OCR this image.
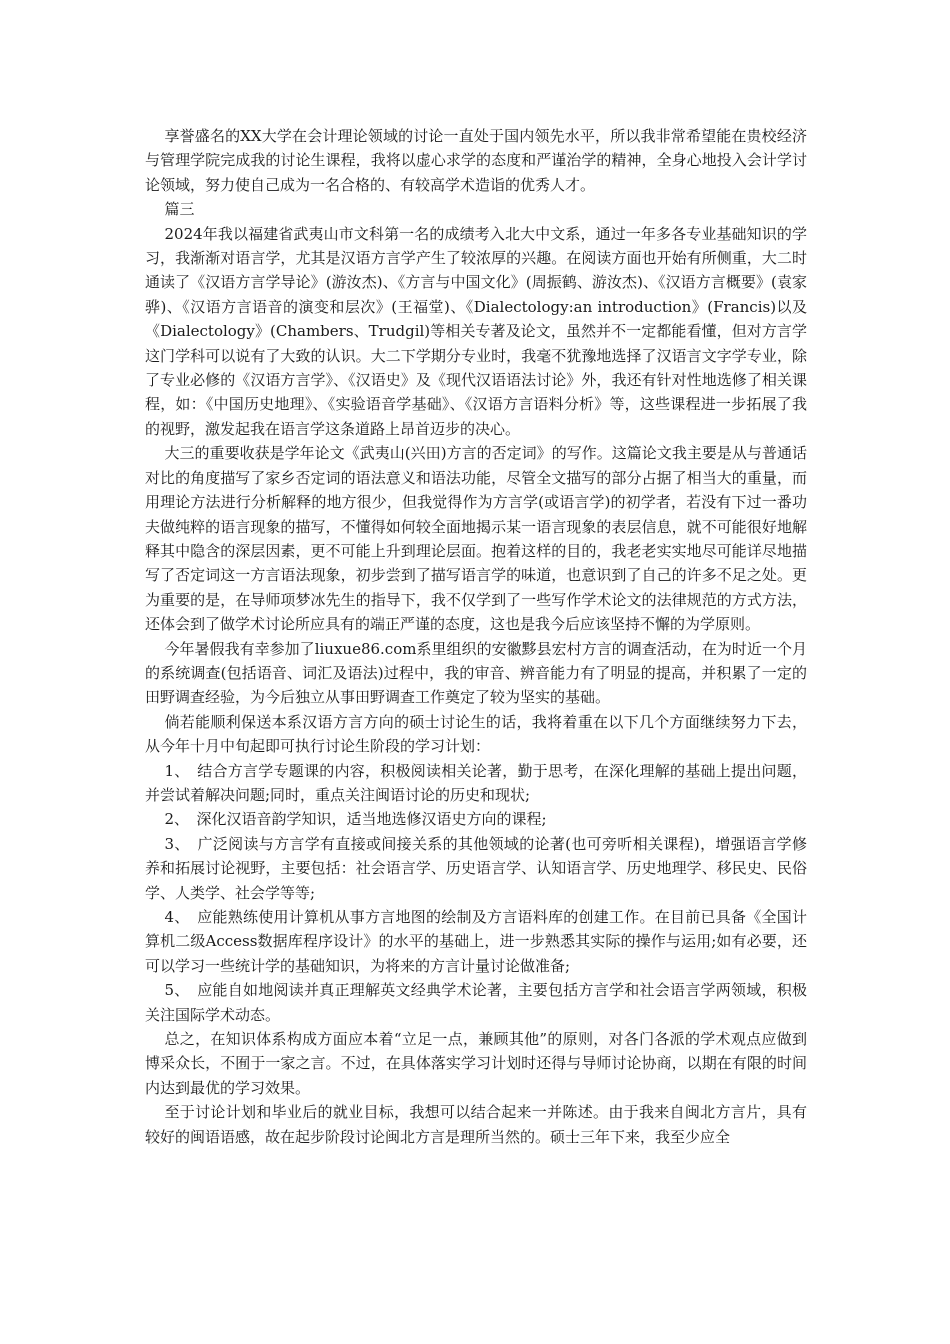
享誉盛名的XX大学在会计理论领域的讨论一直处于国内领先水平，所以我非常希望能在贵校经济与管理学院完成我的讨论生课程，我将以虚心求学的态度和严谨治学的精神，全身心地投入会计学讨论领域，努力使自己成为一名合格的、有较高学术造诣的优秀人才。

篇三

2024年我以福建省武夷山市文科第一名的成绩考入北大中文系，通过一年多各专业基础知识的学习，我渐渐对语言学，尤其是汉语方言学产生了较浓厚的兴趣。在阅读方面也开始有所侧重，大二时通读了《汉语方言学导论》(游汝杰)、《方言与中国文化》(周振鹤、游汝杰)、《汉语方言概要》(袁家骅)、《汉语方言语音的演变和层次》(王福堂)、《Dialectology:an introduction》(Francis)以及《Dialectology》(Chambers、Trudgil)等相关专著及论文，虽然并不一定都能看懂，但对方言学这门学科可以说有了大致的认识。大二下学期分专业时，我毫不犹豫地选择了汉语言文字学专业，除了专业必修的《汉语方言学》、《汉语史》及《现代汉语语法讨论》外，我还有针对性地选修了相关课程，如：《中国历史地理》、《实验语音学基础》、《汉语方言语料分析》等，这些课程进一步拓展了我的视野，激发起我在语言学这条道路上昂首迈步的决心。

大三的重要收获是学年论文《武夷山(兴田)方言的否定词》的写作。这篇论文我主要是从与普通话对比的角度描写了家乡否定词的语法意义和语法功能，尽管全文描写的部分占据了相当大的重量，而用理论方法进行分析解释的地方很少，但我觉得作为方言学(或语言学)的初学者，若没有下过一番功夫做纯粹的语言现象的描写，不懂得如何较全面地揭示某一语言现象的表层信息，就不可能很好地解释其中隐含的深层因素，更不可能上升到理论层面。抱着这样的目的，我老老实实地尽可能详尽地描写了否定词这一方言语法现象，初步尝到了描写语言学的味道，也意识到了自己的许多不足之处。更为重要的是，在导师项梦冰先生的指导下，我不仅学到了一些写作学术论文的法律规范的方式方法，还体会到了做学术讨论所应具有的端正严谨的态度，这也是我今后应该坚持不懈的为学原则。

今年暑假我有幸参加了liuxue86.com系里组织的安徽黟县宏村方言的调查活动，在为时近一个月的系统调查(包括语音、词汇及语法)过程中，我的审音、辨音能力有了明显的提高，并积累了一定的田野调查经验，为今后独立从事田野调查工作奠定了较为坚实的基础。

倘若能顺利保送本系汉语方言方向的硕士讨论生的话，我将着重在以下几个方面继续努力下去，从今年十月中旬起即可执行讨论生阶段的学习计划：

1、　结合方言学专题课的内容，积极阅读相关论著，勤于思考，在深化理解的基础上提出问题，并尝试着解决问题;同时，重点关注闽语讨论的历史和现状;

2、　深化汉语音韵学知识，适当地选修汉语史方向的课程;

3、　广泛阅读与方言学有直接或间接关系的其他领域的论著(也可旁听相关课程)，增强语言学修养和拓展讨论视野，主要包括：社会语言学、历史语言学、认知语言学、历史地理学、移民史、民俗学、人类学、社会学等等;

4、　应能熟练使用计算机从事方言地图的绘制及方言语料库的创建工作。在目前已具备《全国计算机二级Access数据库程序设计》的水平的基础上，进一步熟悉其实际的操作与运用;如有必要，还可以学习一些统计学的基础知识，为将来的方言计量讨论做准备;

5、　应能自如地阅读并真正理解英文经典学术论著，主要包括方言学和社会语言学两领域，积极关注国际学术动态。

总之，在知识体系构成方面应本着“立足一点，兼顾其他”的原则，对各门各派的学术观点应做到博采众长，不囿于一家之言。不过，在具体落实学习计划时还得与导师讨论协商，以期在有限的时间内达到最优的学习效果。

至于讨论计划和毕业后的就业目标，我想可以结合起来一并陈述。由于我来自闽北方言片，具有较好的闽语语感，故在起步阶段讨论闽北方言是理所当然的。硕士三年下来，我至少应全
